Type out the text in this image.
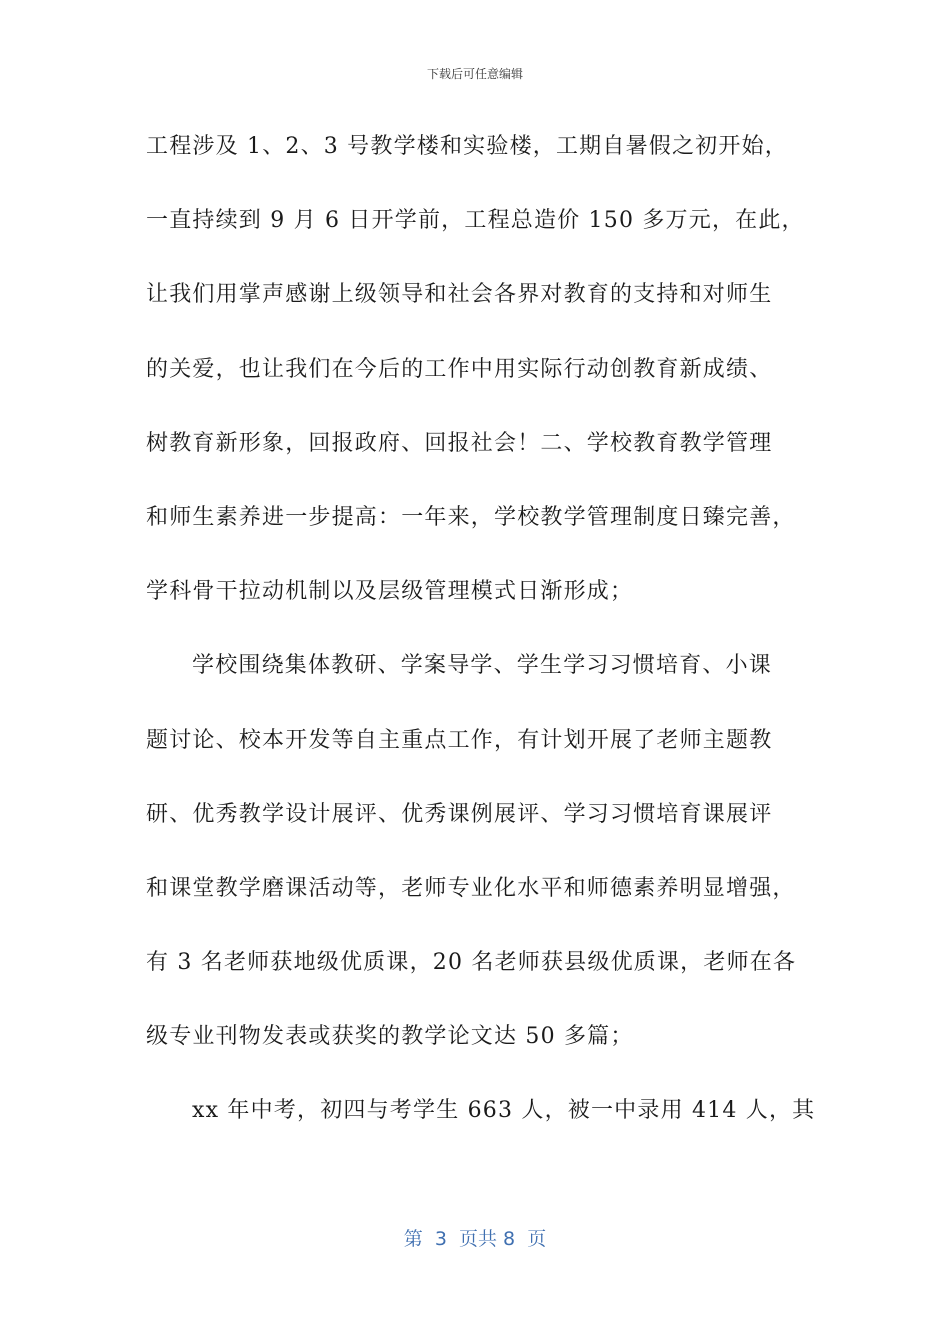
下载后可任意编辑
工程涉及 1、2、3 号教学楼和实验楼，工期自暑假之初开始，
一直持续到 9 月 6 日开学前，工程总造价 150 多万元，在此，
让我们用掌声感谢上级领导和社会各界对教育的支持和对师生
的关爱，也让我们在今后的工作中用实际行动创教育新成绩、
树教育新形象，回报政府、回报社会！二、学校教育教学管理
和师生素养进一步提高：一年来，学校教学管理制度日臻完善，
学科骨干拉动机制以及层级管理模式日渐形成；
学校围绕集体教研、学案导学、学生学习习惯培育、小课
题讨论、校本开发等自主重点工作，有计划开展了老师主题教
研、优秀教学设计展评、优秀课例展评、学习习惯培育课展评
和课堂教学磨课活动等，老师专业化水平和师德素养明显增强，
有 3 名老师获地级优质课，20 名老师获县级优质课，老师在各
级专业刊物发表或获奖的教学论文达 50 多篇；
xx 年中考，初四与考学生 663 人，被一中录用 414 人，其
第  3  页共 8  页
